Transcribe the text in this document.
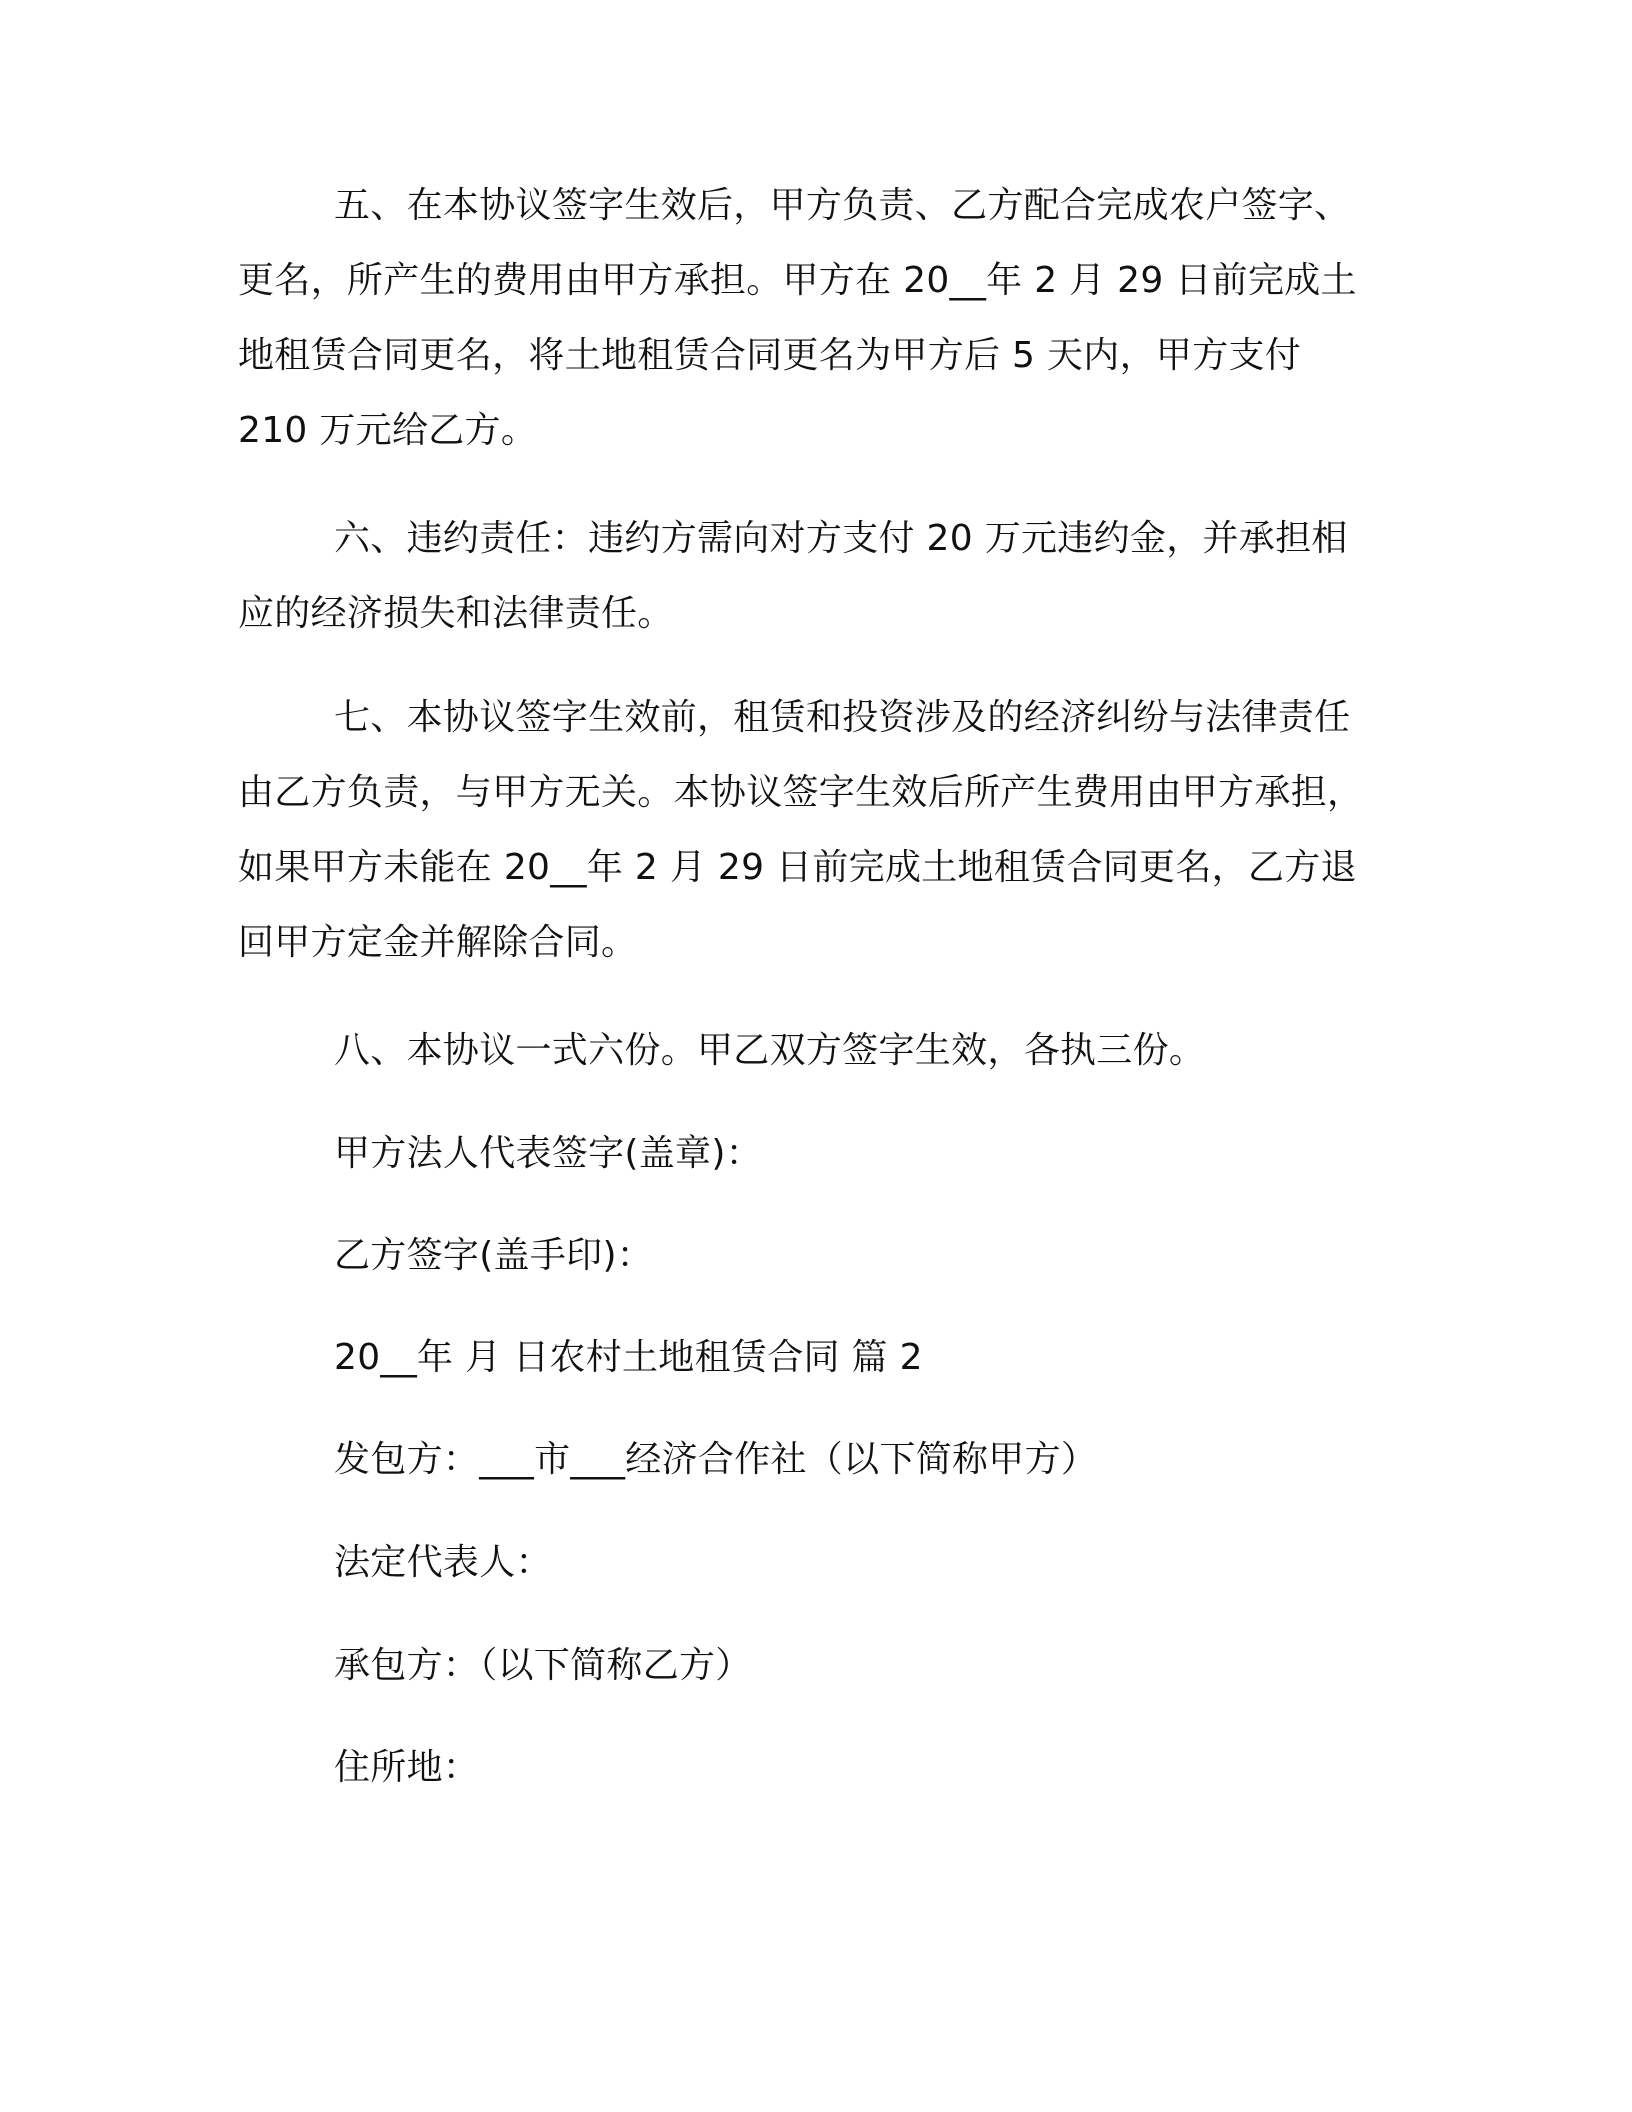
五、在本协议签字生效后，甲方负责、乙方配合完成农户签字、
更名，所产生的费用由甲方承担。甲方在 20__年 2 月 29 日前完成土
地租赁合同更名，将土地租赁合同更名为甲方后 5 天内，甲方支付
210 万元给乙方。
六、违约责任：违约方需向对方支付 20 万元违约金，并承担相
应的经济损失和法律责任。
七、本协议签字生效前，租赁和投资涉及的经济纠纷与法律责任
由乙方负责，与甲方无关。本协议签字生效后所产生费用由甲方承担，
如果甲方未能在 20__年 2 月 29 日前完成土地租赁合同更名，乙方退
回甲方定金并解除合同。
八、本协议一式六份。甲乙双方签字生效，各执三份。
甲方法人代表签字(盖章)：
乙方签字(盖手印)：
20__年 月 日农村土地租赁合同 篇 2
发包方：___市___经济合作社（以下简称甲方）
法定代表人：
承包方：（以下简称乙方）
住所地：
